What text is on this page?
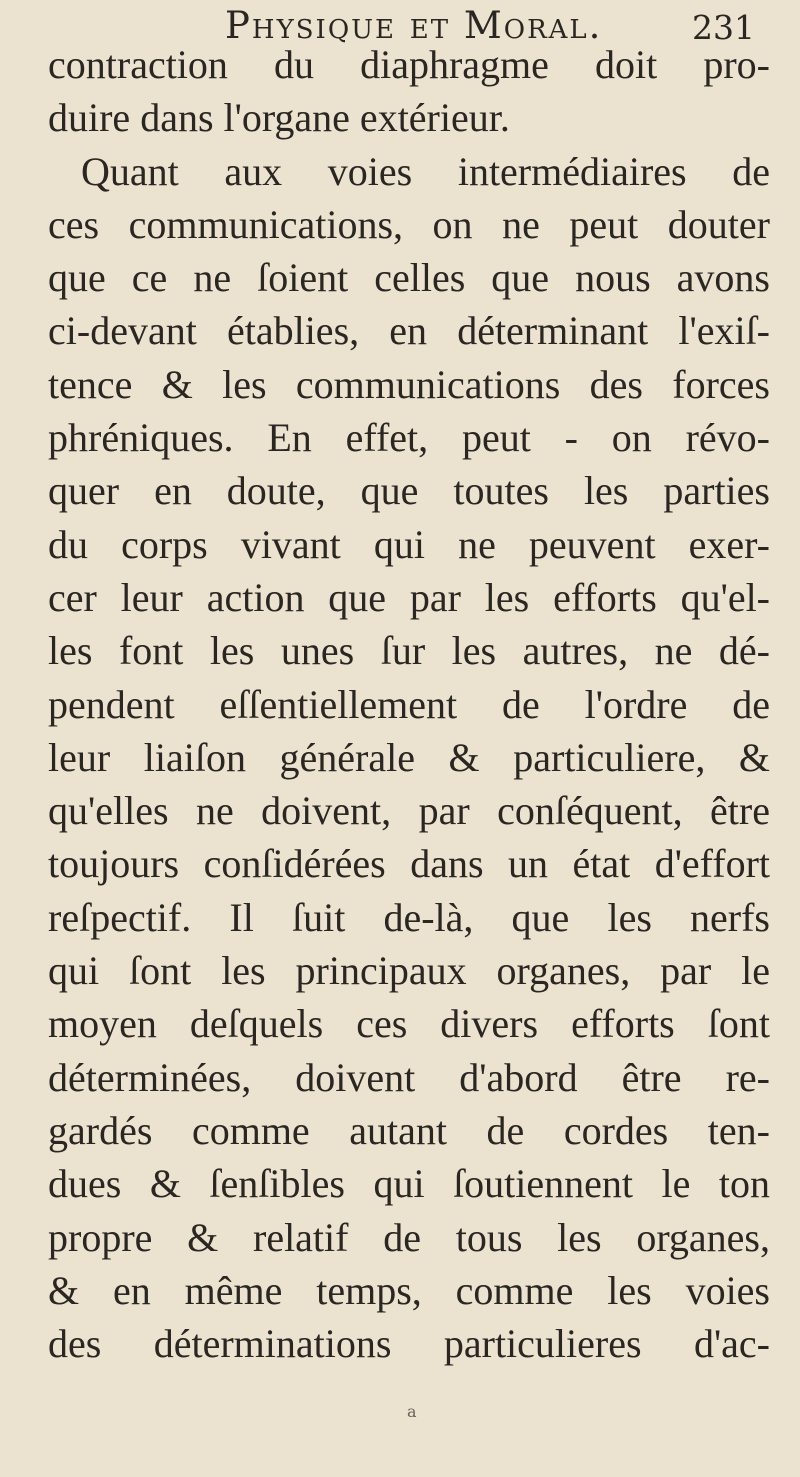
Physique et Moral.	231
contraction du diaphragme doit pro-
duire dans l'organe extérieur.
Quant aux voies intermédiaires de
ces communications, on ne peut douter
que ce ne ſoient celles que nous avons
ci-devant établies, en déterminant l'exiſ-
tence & les communications des forces
phréniques. En effet, peut - on révo-
quer en doute, que toutes les parties
du corps vivant qui ne peuvent exer-
cer leur action que par les efforts qu'el-
les font les unes ſur les autres, ne dé-
pendent eſſentiellement de l'ordre de
leur liaiſon générale & particuliere, &
qu'elles ne doivent, par conſéquent, être
toujours conſidérées dans un état d'effort
reſpectif. Il ſuit de-là, que les nerfs
qui ſont les principaux organes, par le
moyen deſquels ces divers efforts ſont
déterminées, doivent d'abord être re-
gardés comme autant de cordes ten-
dues & ſenſibles qui ſoutiennent le ton
propre & relatif de tous les organes,
& en même temps, comme les voies
des déterminations particulieres d'ac-
a
